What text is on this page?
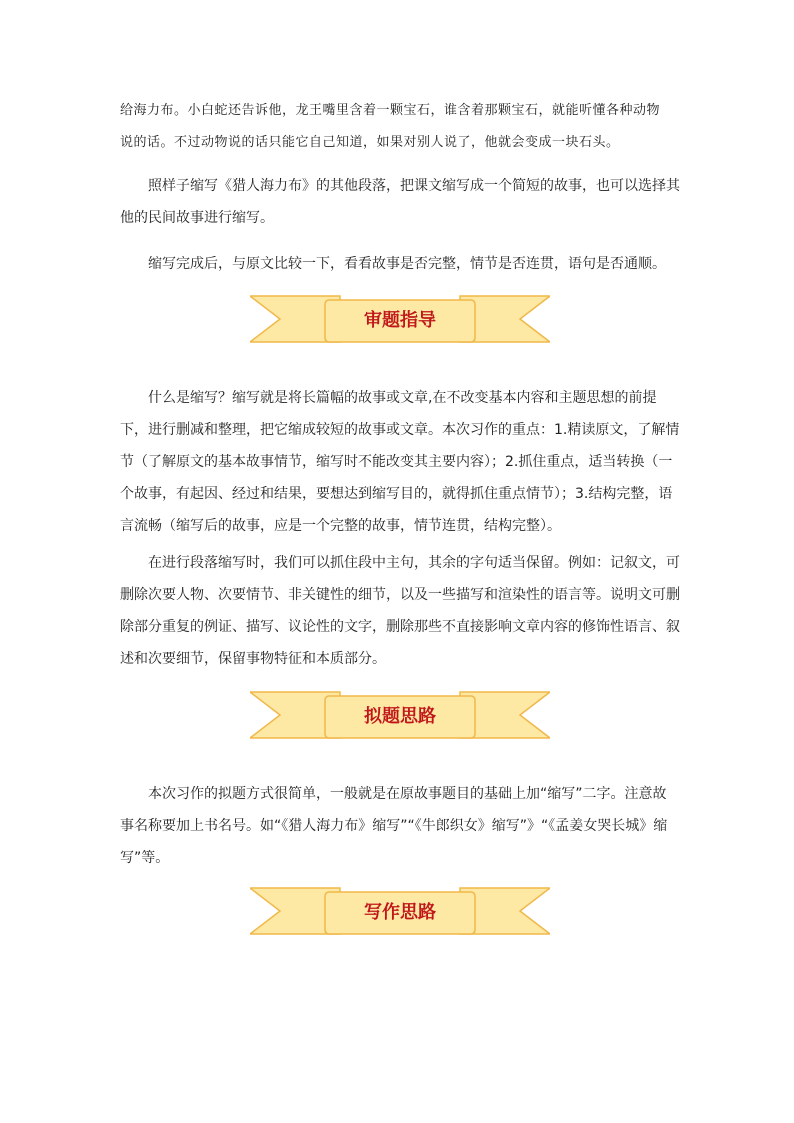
给海力布。小白蛇还告诉他，龙王嘴里含着一颗宝石，谁含着那颗宝石，就能听懂各种动物

说的话。不过动物说的话只能它自己知道，如果对别人说了，他就会变成一块石头。

照样子缩写《猎人海力布》的其他段落，把课文缩写成一个简短的故事，也可以选择其他的民间故事进行缩写。

缩写完成后，与原文比较一下，看看故事是否完整，情节是否连贯，语句是否通顺。

审题指导

什么是缩写？缩写就是将长篇幅的故事或文章,在不改变基本内容和主题思想的前提下，进行删减和整理，把它缩成较短的故事或文章。本次习作的重点：1.精读原文，了解情节（了解原文的基本故事情节，缩写时不能改变其主要内容）；2.抓住重点，适当转换（一个故事，有起因、经过和结果，要想达到缩写目的，就得抓住重点情节）；3.结构完整，语言流畅（缩写后的故事，应是一个完整的故事，情节连贯，结构完整）。

在进行段落缩写时，我们可以抓住段中主句，其余的字句适当保留。例如：记叙文，可删除次要人物、次要情节、非关键性的细节，以及一些描写和渲染性的语言等。说明文可删除部分重复的例证、描写、议论性的文字，删除那些不直接影响文章内容的修饰性语言、叙述和次要细节，保留事物特征和本质部分。

拟题思路

本次习作的拟题方式很简单，一般就是在原故事题目的基础上加“缩写”二字。注意故事名称要加上书名号。如“《猎人海力布》缩写”“《牛郎织女》缩写”》“《孟姜女哭长城》缩写”等。

写作思路
